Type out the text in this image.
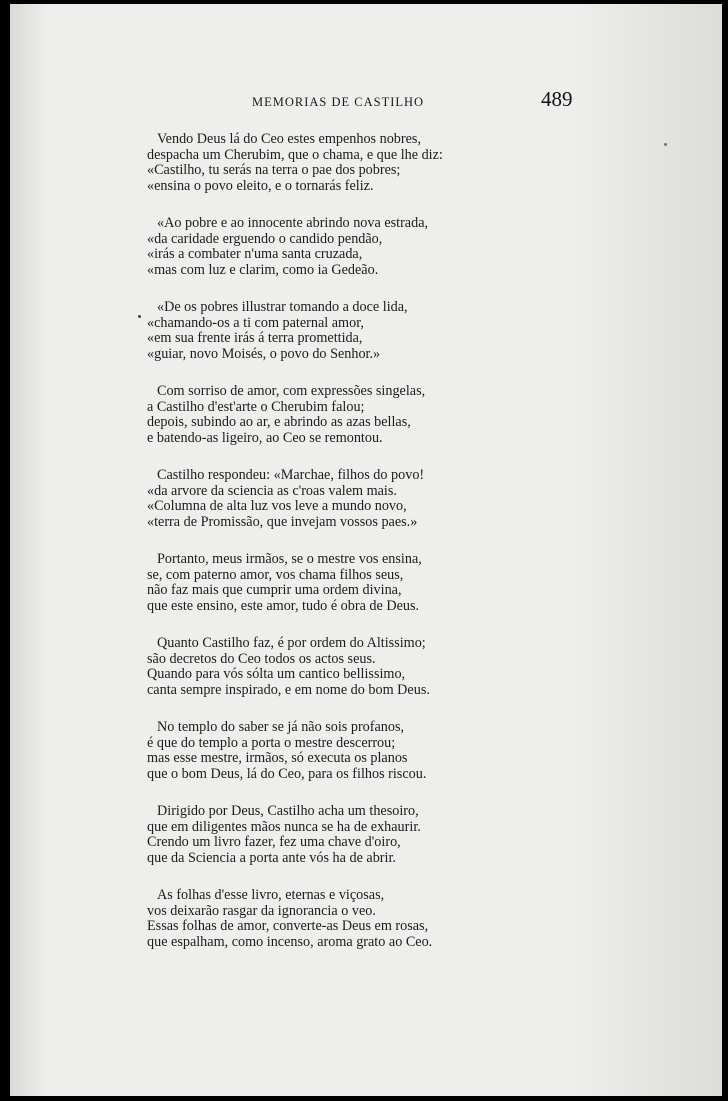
MEMORIAS DE CASTILHO	489
Vendo Deus lá do Ceo estes empenhos nobres,
despacha um Cherubim, que o chama, e que lhe diz:
«Castilho, tu serás na terra o pae dos pobres;
«ensina o povo eleito, e o tornarás feliz.
«Ao pobre e ao innocente abrindo nova estrada,
«da caridade erguendo o candido pendão,
«irás a combater n'uma santa cruzada,
«mas com luz e clarim, como ia Gedeão.
«De os pobres illustrar tomando a doce lida,
«chamando-os a ti com paternal amor,
«em sua frente irás á terra promettida,
«guiar, novo Moisés, o povo do Senhor.»
Com sorriso de amor, com expressões singelas,
a Castilho d'est'arte o Cherubim falou;
depois, subindo ao ar, e abrindo as azas bellas,
e batendo-as ligeiro, ao Ceo se remontou.
Castilho respondeu: «Marchae, filhos do povo!
«da arvore da sciencia as c'roas valem mais.
«Columna de alta luz vos leve a mundo novo,
«terra de Promissão, que invejam vossos paes.»
Portanto, meus irmãos, se o mestre vos ensina,
se, com paterno amor, vos chama filhos seus,
não faz mais que cumprir uma ordem divina,
que este ensino, este amor, tudo é obra de Deus.
Quanto Castilho faz, é por ordem do Altissimo;
são decretos do Ceo todos os actos seus.
Quando para vós sólta um cantico bellissimo,
canta sempre inspirado, e em nome do bom Deus.
No templo do saber se já não sois profanos,
é que do templo a porta o mestre descerrou;
mas esse mestre, irmãos, só executa os planos
que o bom Deus, lá do Ceo, para os filhos riscou.
Dirigido por Deus, Castilho acha um thesoiro,
que em diligentes mãos nunca se ha de exhaurir.
Crendo um livro fazer, fez uma chave d'oiro,
que da Sciencia a porta ante vós ha de abrir.
As folhas d'esse livro, eternas e viçosas,
vos deixarão rasgar da ignorancia o veo.
Essas folhas de amor, converte-as Deus em rosas,
que espalham, como incenso, aroma grato ao Ceo.
